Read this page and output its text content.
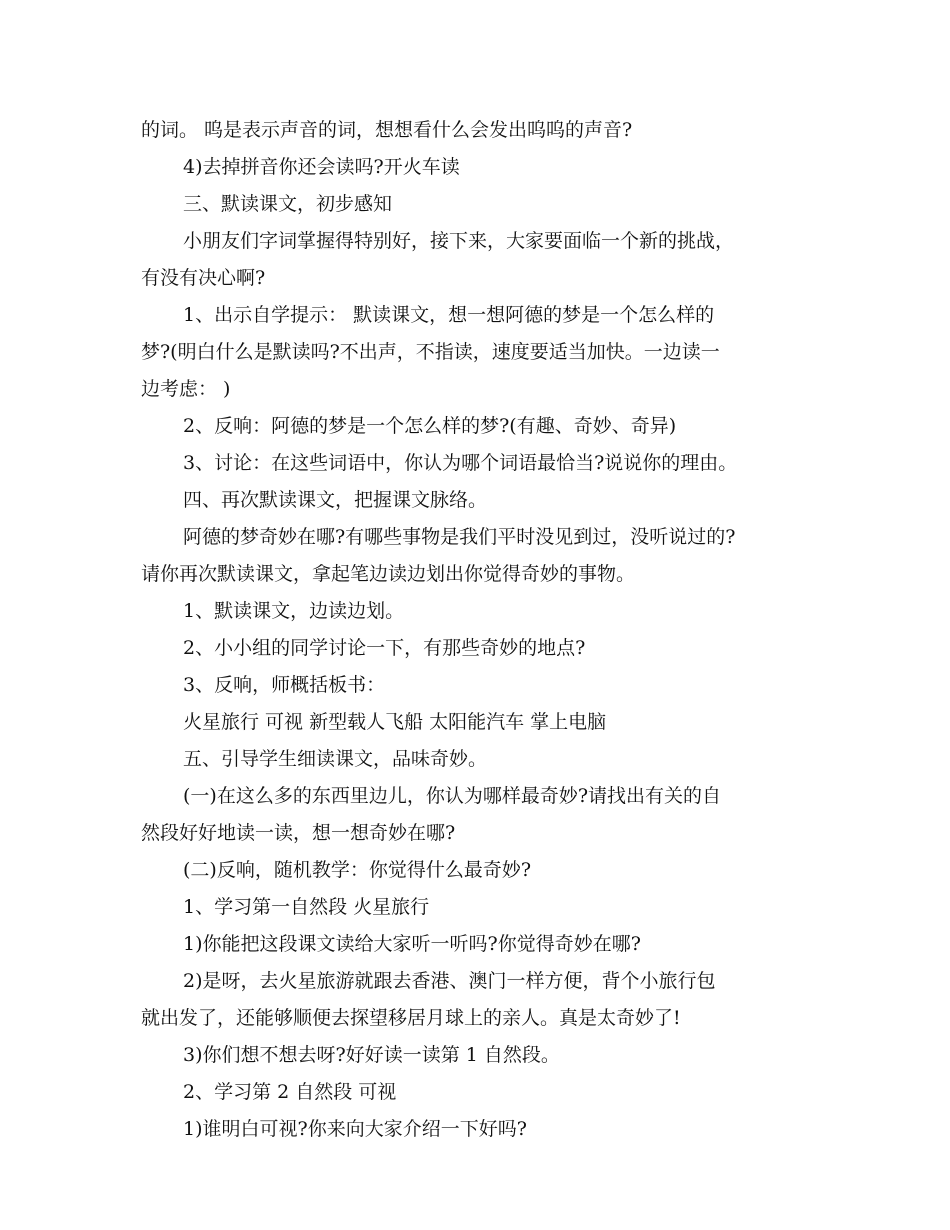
的词。 呜是表示声音的词，想想看什么会发出呜呜的声音?

4)去掉拼音你还会读吗?开火车读

三、默读课文，初步感知

小朋友们字词掌握得特别好，接下来，大家要面临一个新的挑战，

有没有决心啊?

1、出示自学提示： 默读课文，想一想阿德的梦是一个怎么样的

梦?(明白什么是默读吗?不出声，不指读，速度要适当加快。一边读一

边考虑： )

2、反响：阿德的梦是一个怎么样的梦?(有趣、奇妙、奇异)

3、讨论：在这些词语中，你认为哪个词语最恰当?说说你的理由。

四、再次默读课文，把握课文脉络。

阿德的梦奇妙在哪?有哪些事物是我们平时没见到过，没听说过的?

请你再次默读课文，拿起笔边读边划出你觉得奇妙的事物。

1、默读课文，边读边划。

2、小小组的同学讨论一下，有那些奇妙的地点?

3、反响，师概括板书：

火星旅行 可视 新型载人飞船 太阳能汽车 掌上电脑

五、引导学生细读课文，品味奇妙。

(一)在这么多的东西里边儿，你认为哪样最奇妙?请找出有关的自

然段好好地读一读，想一想奇妙在哪?

(二)反响，随机教学：你觉得什么最奇妙?

1、学习第一自然段 火星旅行

1)你能把这段课文读给大家听一听吗?你觉得奇妙在哪?

2)是呀，去火星旅游就跟去香港、澳门一样方便，背个小旅行包

就出发了，还能够顺便去探望移居月球上的亲人。真是太奇妙了!

3)你们想不想去呀?好好读一读第 1 自然段。

2、学习第 2 自然段 可视

1)谁明白可视?你来向大家介绍一下好吗?
